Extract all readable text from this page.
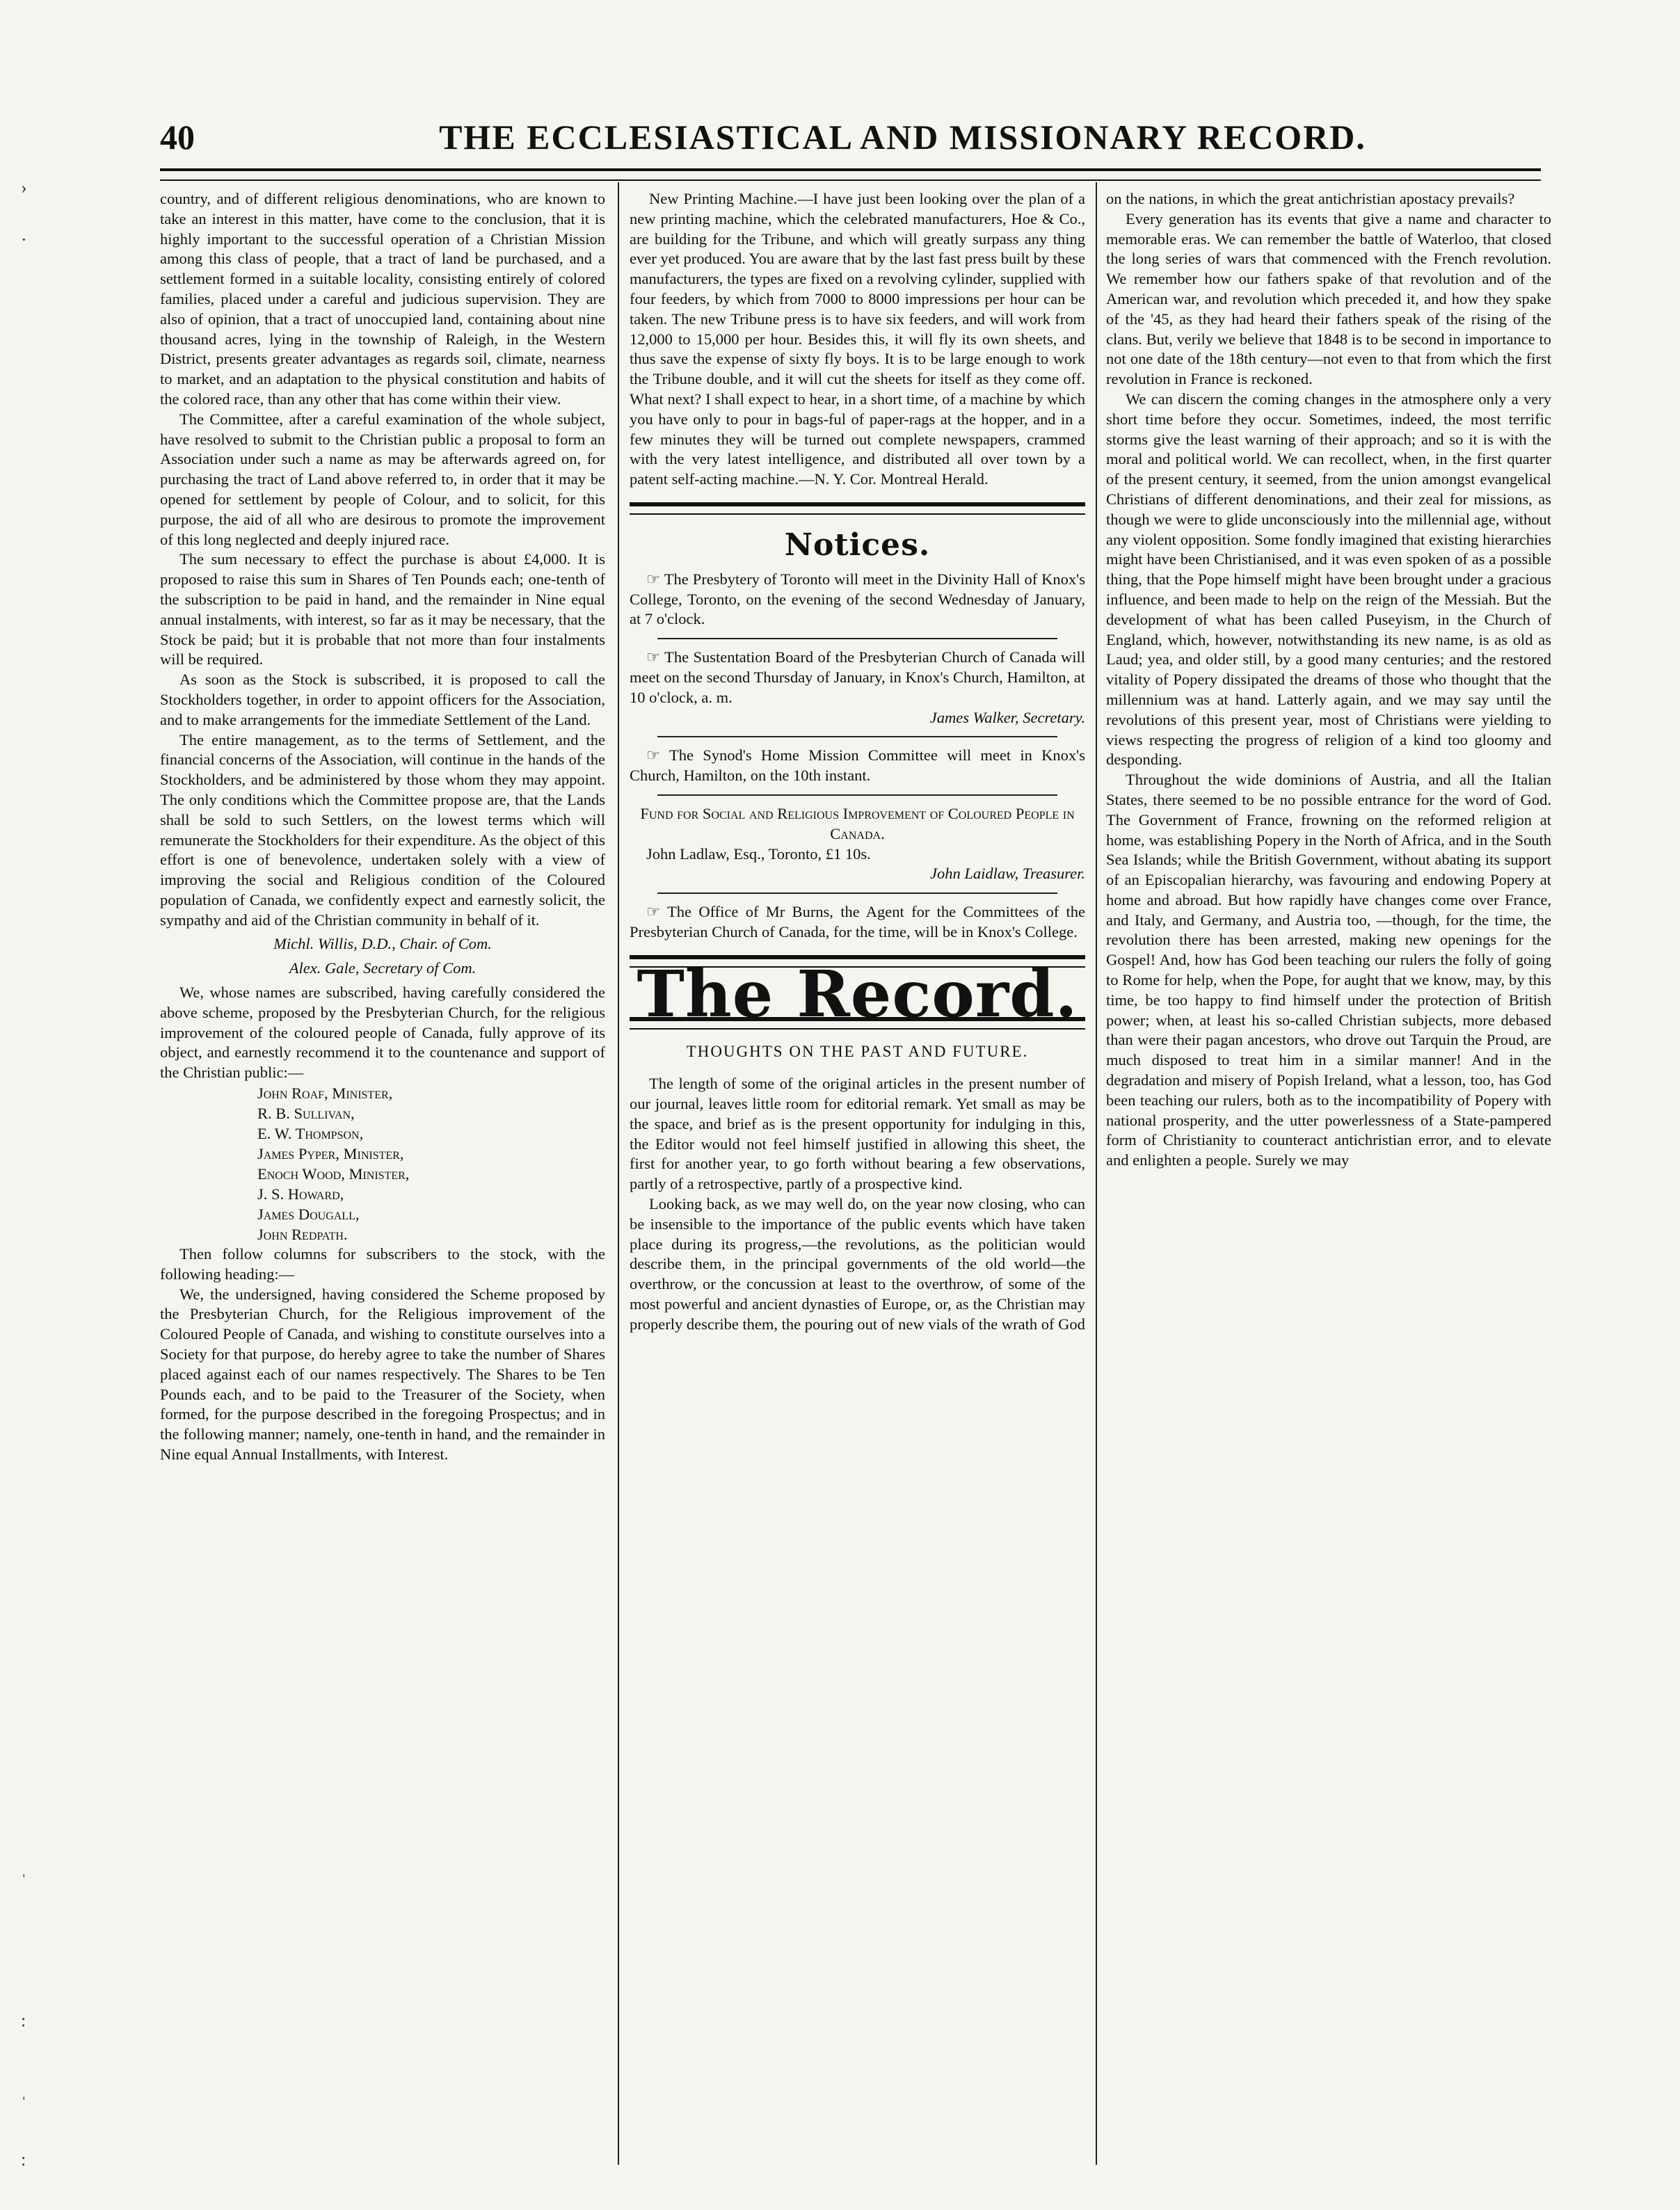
›
·
ˈ
:
ˈ
:
40	THE ECCLESIASTICAL AND MISSIONARY RECORD.

country, and of different religious denominations, who are known to take an interest in this matter, have come to the conclusion, that it is highly important to the successful operation of a Christian Mission among this class of people, that a tract of land be purchased, and a settlement formed in a suitable locality, consisting entirely of colored families, placed under a careful and judicious supervision. They are also of opinion, that a tract of unoccupied land, containing about nine thousand acres, lying in the township of Raleigh, in the Western District, presents greater advantages as regards soil, climate, nearness to market, and an adaptation to the physical constitution and habits of the colored race, than any other that has come within their view.

The Committee, after a careful examination of the whole subject, have resolved to submit to the Christian public a proposal to form an Association under such a name as may be afterwards agreed on, for purchasing the tract of Land above referred to, in order that it may be opened for settlement by people of Colour, and to solicit, for this purpose, the aid of all who are desirous to promote the improvement of this long neglected and deeply injured race.

The sum necessary to effect the purchase is about £4,000. It is proposed to raise this sum in Shares of Ten Pounds each; one-tenth of the subscription to be paid in hand, and the remainder in Nine equal annual instalments, with interest, so far as it may be necessary, that the Stock be paid; but it is probable that not more than four instalments will be required.

As soon as the Stock is subscribed, it is proposed to call the Stockholders together, in order to appoint officers for the Association, and to make arrangements for the immediate Settlement of the Land.

The entire management, as to the terms of Settlement, and the financial concerns of the Association, will continue in the hands of the Stockholders, and be administered by those whom they may appoint. The only conditions which the Committee propose are, that the Lands shall be sold to such Settlers, on the lowest terms which will remunerate the Stockholders for their expenditure. As the object of this effort is one of benevolence, undertaken solely with a view of improving the social and Religious condition of the Coloured population of Canada, we confidently expect and earnestly solicit, the sympathy and aid of the Christian community in behalf of it.

Michl. Willis, D.D., Chair. of Com.
Alex. Gale, Secretary of Com.

We, whose names are subscribed, having carefully considered the above scheme, proposed by the Presbyterian Church, for the religious improvement of the coloured people of Canada, fully approve of its object, and earnestly recommend it to the countenance and support of the Christian public:—

John Roaf, Minister,
R. B. Sullivan,
E. W. Thompson,
James Pyper, Minister,
Enoch Wood, Minister,
J. S. Howard,
James Dougall,
John Redpath.

Then follow columns for subscribers to the stock, with the following heading:—

We, the undersigned, having considered the Scheme proposed by the Presbyterian Church, for the Religious improvement of the Coloured People of Canada, and wishing to constitute ourselves into a Society for that purpose, do hereby agree to take the number of Shares placed against each of our names respectively. The Shares to be Ten Pounds each, and to be paid to the Treasurer of the Society, when formed, for the purpose described in the foregoing Prospectus; and in the following manner; namely, one-tenth in hand, and the remainder in Nine equal Annual Installments, with Interest.

New Printing Machine.—I have just been looking over the plan of a new printing machine, which the celebrated manufacturers, Hoe & Co., are building for the Tribune, and which will greatly surpass any thing ever yet produced. You are aware that by the last fast press built by these manufacturers, the types are fixed on a revolving cylinder, supplied with four feeders, by which from 7000 to 8000 impressions per hour can be taken. The new Tribune press is to have six feeders, and will work from 12,000 to 15,000 per hour. Besides this, it will fly its own sheets, and thus save the expense of sixty fly boys. It is to be large enough to work the Tribune double, and it will cut the sheets for itself as they come off. What next? I shall expect to hear, in a short time, of a machine by which you have only to pour in bags-ful of paper-rags at the hopper, and in a few minutes they will be turned out complete newspapers, crammed with the very latest intelligence, and distributed all over town by a patent self-acting machine.—N. Y. Cor. Montreal Herald.

Notices.

☞ The Presbytery of Toronto will meet in the Divinity Hall of Knox's College, Toronto, on the evening of the second Wednesday of January, at 7 o'clock.

☞ The Sustentation Board of the Presbyterian Church of Canada will meet on the second Thursday of January, in Knox's Church, Hamilton, at 10 o'clock, a. m.

James Walker, Secretary.

☞ The Synod's Home Mission Committee will meet in Knox's Church, Hamilton, on the 10th instant.

Fund for Social and Religious Improvement of Coloured People in Canada.

John Ladlaw, Esq., Toronto, £1 10s.

John Laidlaw, Treasurer.

☞ The Office of Mr Burns, the Agent for the Committees of the Presbyterian Church of Canada, for the time, will be in Knox's College.

The Record.
THOUGHTS ON THE PAST AND FUTURE.

The length of some of the original articles in the present number of our journal, leaves little room for editorial remark. Yet small as may be the space, and brief as is the present opportunity for indulging in this, the Editor would not feel himself justified in allowing this sheet, the first for another year, to go forth without bearing a few observations, partly of a retrospective, partly of a prospective kind.

Looking back, as we may well do, on the year now closing, who can be insensible to the importance of the public events which have taken place during its progress,—the revolutions, as the politician would describe them, in the principal governments of the old world—the overthrow, or the concussion at least to the overthrow, of some of the most powerful and ancient dynasties of Europe, or, as the Christian may properly describe them, the pouring out of new vials of the wrath of God

on the nations, in which the great antichristian apostacy prevails?

Every generation has its events that give a name and character to memorable eras. We can remember the battle of Waterloo, that closed the long series of wars that commenced with the French revolution. We remember how our fathers spake of that revolution and of the American war, and revolution which preceded it, and how they spake of the '45, as they had heard their fathers speak of the rising of the clans. But, verily we believe that 1848 is to be second in importance to not one date of the 18th century—not even to that from which the first revolution in France is reckoned.

We can discern the coming changes in the atmosphere only a very short time before they occur. Sometimes, indeed, the most terrific storms give the least warning of their approach; and so it is with the moral and political world. We can recollect, when, in the first quarter of the present century, it seemed, from the union amongst evangelical Christians of different denominations, and their zeal for missions, as though we were to glide unconsciously into the millennial age, without any violent opposition. Some fondly imagined that existing hierarchies might have been Christianised, and it was even spoken of as a possible thing, that the Pope himself might have been brought under a gracious influence, and been made to help on the reign of the Messiah. But the development of what has been called Puseyism, in the Church of England, which, however, notwithstanding its new name, is as old as Laud; yea, and older still, by a good many centuries; and the restored vitality of Popery dissipated the dreams of those who thought that the millennium was at hand. Latterly again, and we may say until the revolutions of this present year, most of Christians were yielding to views respecting the progress of religion of a kind too gloomy and desponding.

Throughout the wide dominions of Austria, and all the Italian States, there seemed to be no possible entrance for the word of God. The Government of France, frowning on the reformed religion at home, was establishing Popery in the North of Africa, and in the South Sea Islands; while the British Government, without abating its support of an Episcopalian hierarchy, was favouring and endowing Popery at home and abroad. But how rapidly have changes come over France, and Italy, and Germany, and Austria too, —though, for the time, the revolution there has been arrested, making new openings for the Gospel! And, how has God been teaching our rulers the folly of going to Rome for help, when the Pope, for aught that we know, may, by this time, be too happy to find himself under the protection of British power; when, at least his so-called Christian subjects, more debased than were their pagan ancestors, who drove out Tarquin the Proud, are much disposed to treat him in a similar manner! And in the degradation and misery of Popish Ireland, what a lesson, too, has God been teaching our rulers, both as to the incompatibility of Popery with national prosperity, and the utter powerlessness of a State-pampered form of Christianity to counteract antichristian error, and to elevate and enlighten a people. Surely we may
